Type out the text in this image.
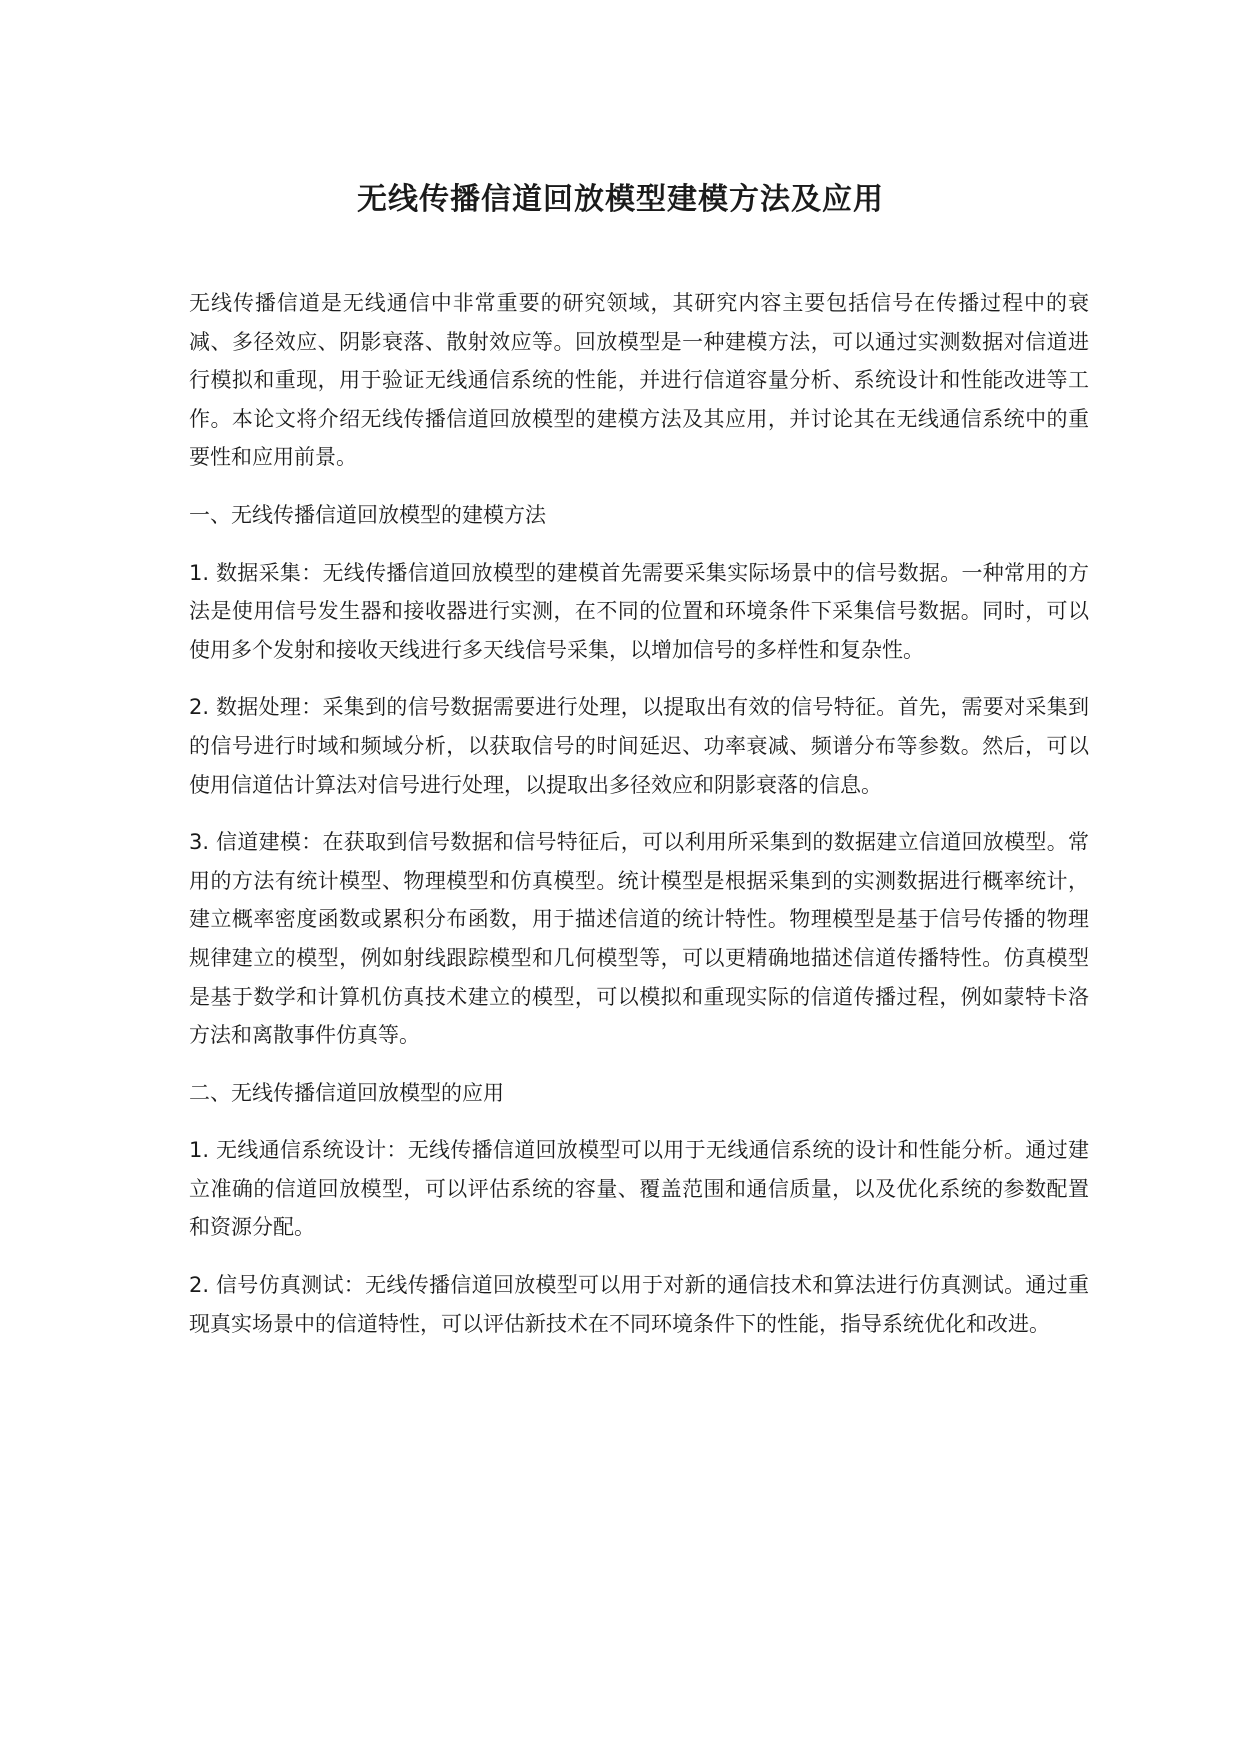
无线传播信道回放模型建模方法及应用

无线传播信道是无线通信中非常重要的研究领域，其研究内容主要包括信号在传播过程中的衰减、多径效应、阴影衰落、散射效应等。回放模型是一种建模方法，可以通过实测数据对信道进行模拟和重现，用于验证无线通信系统的性能，并进行信道容量分析、系统设计和性能改进等工作。本论文将介绍无线传播信道回放模型的建模方法及其应用，并讨论其在无线通信系统中的重要性和应用前景。

一、无线传播信道回放模型的建模方法

1. 数据采集：无线传播信道回放模型的建模首先需要采集实际场景中的信号数据。一种常用的方法是使用信号发生器和接收器进行实测，在不同的位置和环境条件下采集信号数据。同时，可以使用多个发射和接收天线进行多天线信号采集，以增加信号的多样性和复杂性。

2. 数据处理：采集到的信号数据需要进行处理，以提取出有效的信号特征。首先，需要对采集到的信号进行时域和频域分析，以获取信号的时间延迟、功率衰减、频谱分布等参数。然后，可以使用信道估计算法对信号进行处理，以提取出多径效应和阴影衰落的信息。

3. 信道建模：在获取到信号数据和信号特征后，可以利用所采集到的数据建立信道回放模型。常用的方法有统计模型、物理模型和仿真模型。统计模型是根据采集到的实测数据进行概率统计，建立概率密度函数或累积分布函数，用于描述信道的统计特性。物理模型是基于信号传播的物理规律建立的模型，例如射线跟踪模型和几何模型等，可以更精确地描述信道传播特性。仿真模型是基于数学和计算机仿真技术建立的模型，可以模拟和重现实际的信道传播过程，例如蒙特卡洛方法和离散事件仿真等。

二、无线传播信道回放模型的应用

1. 无线通信系统设计：无线传播信道回放模型可以用于无线通信系统的设计和性能分析。通过建立准确的信道回放模型，可以评估系统的容量、覆盖范围和通信质量，以及优化系统的参数配置和资源分配。

2. 信号仿真测试：无线传播信道回放模型可以用于对新的通信技术和算法进行仿真测试。通过重现真实场景中的信道特性，可以评估新技术在不同环境条件下的性能，指导系统优化和改进。
